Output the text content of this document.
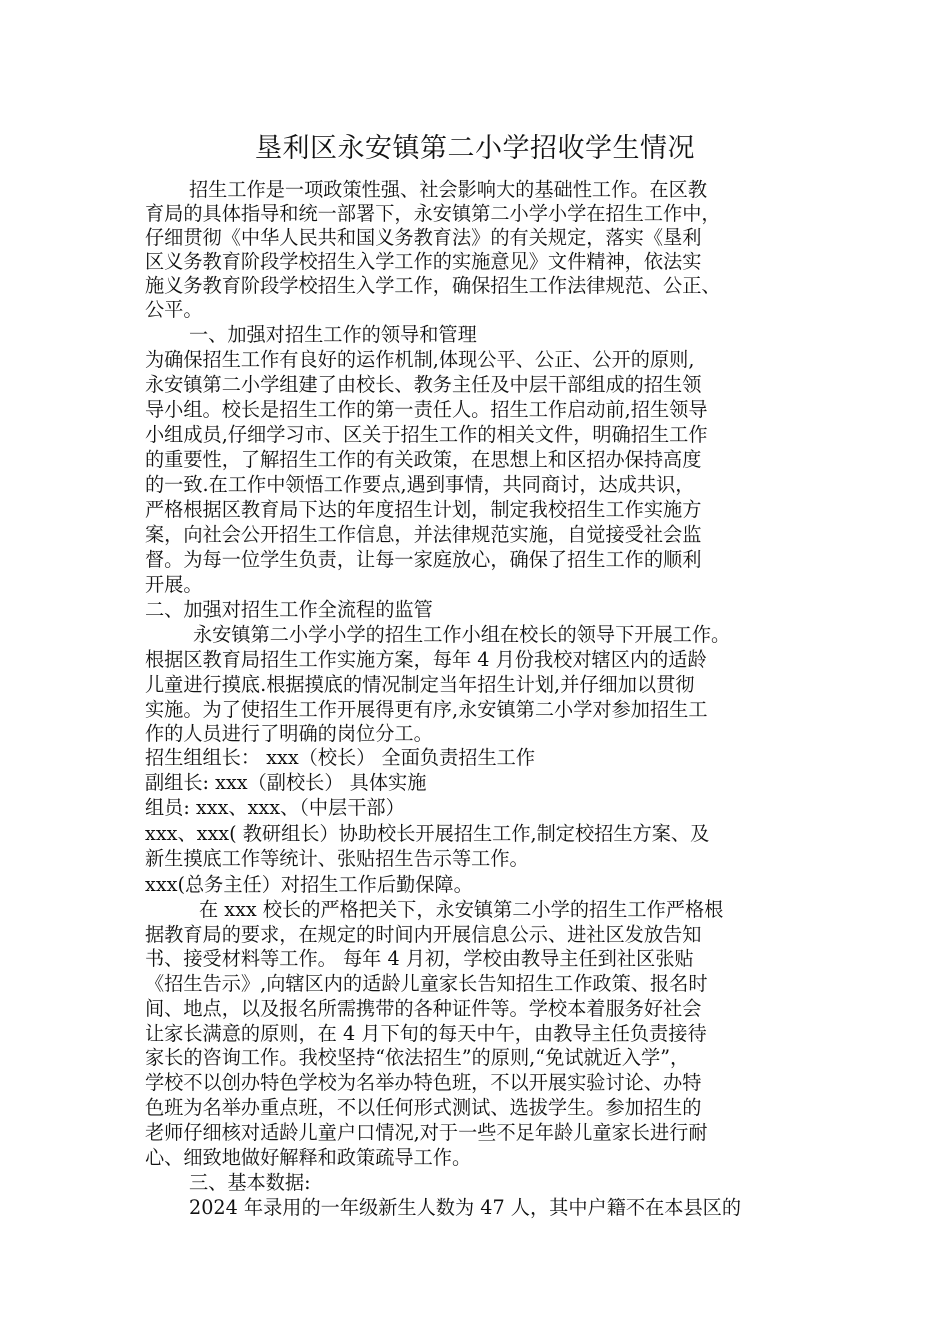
垦利区永安镇第二小学招收学生情况
招生工作是一项政策性强、社会影响大的基础性工作。在区教
育局的具体指导和统一部署下，永安镇第二小学小学在招生工作中，
仔细贯彻《中华人民共和国义务教育法》的有关规定，落实《垦利
区义务教育阶段学校招生入学工作的实施意见》文件精神，依法实
施义务教育阶段学校招生入学工作，确保招生工作法律规范、公正、
公平。
一、加强对招生工作的领导和管理
为确保招生工作有良好的运作机制,体现公平、公正、公开的原则,
永安镇第二小学组建了由校长、教务主任及中层干部组成的招生领
导小组。校长是招生工作的第一责任人。招生工作启动前,招生领导
小组成员,仔细学习市、区关于招生工作的相关文件，明确招生工作
的重要性，了解招生工作的有关政策，在思想上和区招办保持高度
的一致.在工作中领悟工作要点,遇到事情，共同商讨，达成共识，
严格根据区教育局下达的年度招生计划，制定我校招生工作实施方
案，向社会公开招生工作信息，并法律规范实施，自觉接受社会监
督。为每一位学生负责，让每一家庭放心，确保了招生工作的顺利
开展。
二、加强对招生工作全流程的监管
永安镇第二小学小学的招生工作小组在校长的领导下开展工作。
根据区教育局招生工作实施方案，每年 4 月份我校对辖区内的适龄
儿童进行摸底.根据摸底的情况制定当年招生计划,并仔细加以贯彻
实施。为了使招生工作开展得更有序,永安镇第二小学对参加招生工
作的人员进行了明确的岗位分工。
招生组组长： xxx（校长） 全面负责招生工作
副组长: xxx（副校长） 具体实施
组员: xxx、xxx、（中层干部）
xxx、xxx( 教研组长）协助校长开展招生工作,制定校招生方案、及
新生摸底工作等统计、张贴招生告示等工作。
xxx(总务主任）对招生工作后勤保障。
在 xxx 校长的严格把关下，永安镇第二小学的招生工作严格根
据教育局的要求，在规定的时间内开展信息公示、进社区发放告知
书、接受材料等工作。 每年 4 月初，学校由教导主任到社区张贴
《招生告示》,向辖区内的适龄儿童家长告知招生工作政策、报名时
间、地点，以及报名所需携带的各种证件等。学校本着服务好社会
让家长满意的原则，在 4 月下旬的每天中午，由教导主任负责接待
家长的咨询工作。我校坚持“依法招生”的原则,“免试就近入学”，
学校不以创办特色学校为名举办特色班，不以开展实验讨论、办特
色班为名举办重点班，不以任何形式测试、选拔学生。参加招生的
老师仔细核对适龄儿童户口情况,对于一些不足年龄儿童家长进行耐
心、细致地做好解释和政策疏导工作。
三、基本数据:
2024 年录用的一年级新生人数为 47 人，其中户籍不在本县区的
